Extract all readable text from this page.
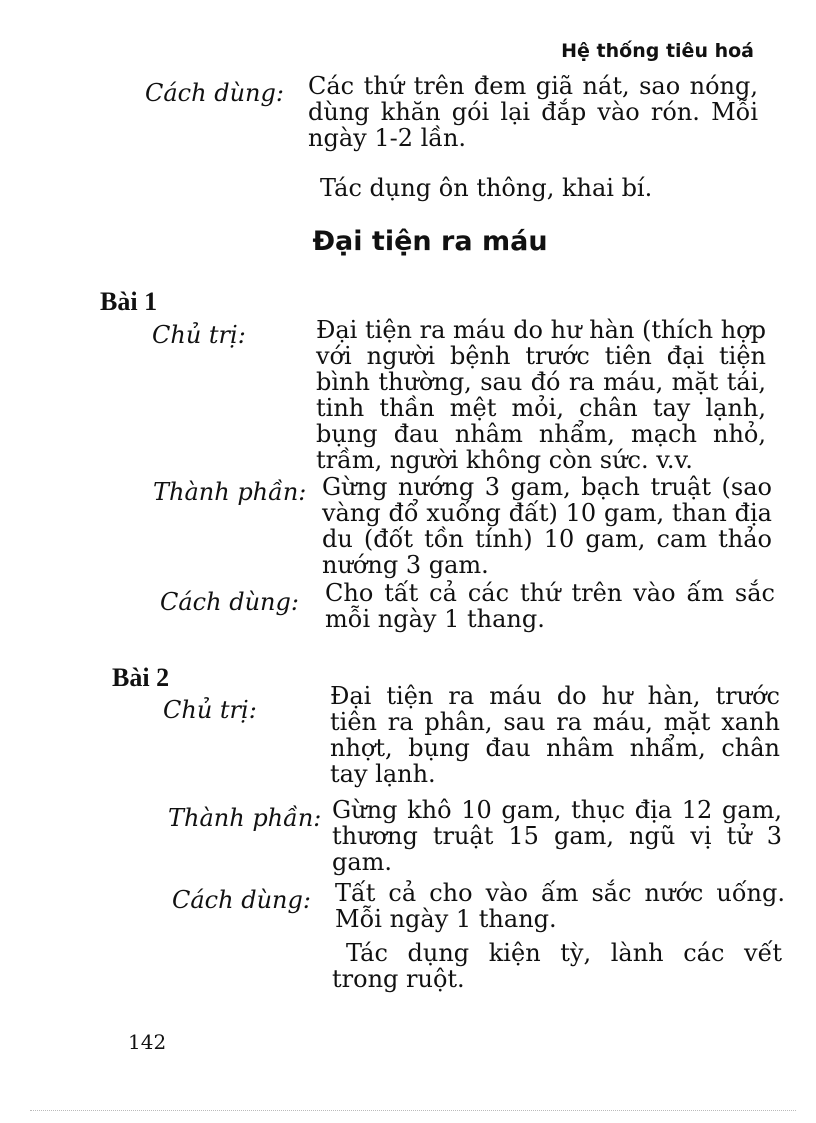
Hệ thống tiêu hoá
Cách dùng: Các thứ trên đem giã nát, sao nóng, dùng khăn gói lại đắp vào rón. Mỗi ngày 1-2 lần.
Tác dụng ôn thông, khai bí.
Đại tiện ra máu
Bài 1
Chủ trị:	Đại tiện ra máu do hư hàn (thích hợp với người bệnh trước tiên đại tiện bình thường, sau đó ra máu, mặt tái, tinh thần mệt mỏi, chân tay lạnh, bụng đau nhâm nhẩm, mạch nhỏ, trầm, người không còn sức. v.v.
Thành phần: Gừng nướng 3 gam, bạch truật (sao vàng đổ xuống đất) 10 gam, than địa du (đốt tồn tính) 10 gam, cam thảo nướng 3 gam.
Cách dùng: Cho tất cả các thứ trên vào ấm sắc mỗi ngày 1 thang.
Bài 2
Chủ trị:	Đại tiện ra máu do hư hàn, trước tiên ra phân, sau ra máu, mặt xanh nhợt, bụng đau nhâm nhẩm, chân tay lạnh.
Thành phần: Gừng khô 10 gam, thục địa 12 gam, thương truật 15 gam, ngũ vị tử 3 gam.
Cách dùng: Tất cả cho vào ấm sắc nước uống. Mỗi ngày 1 thang.
Tác dụng kiện tỳ, lành các vết trong ruột.
142
